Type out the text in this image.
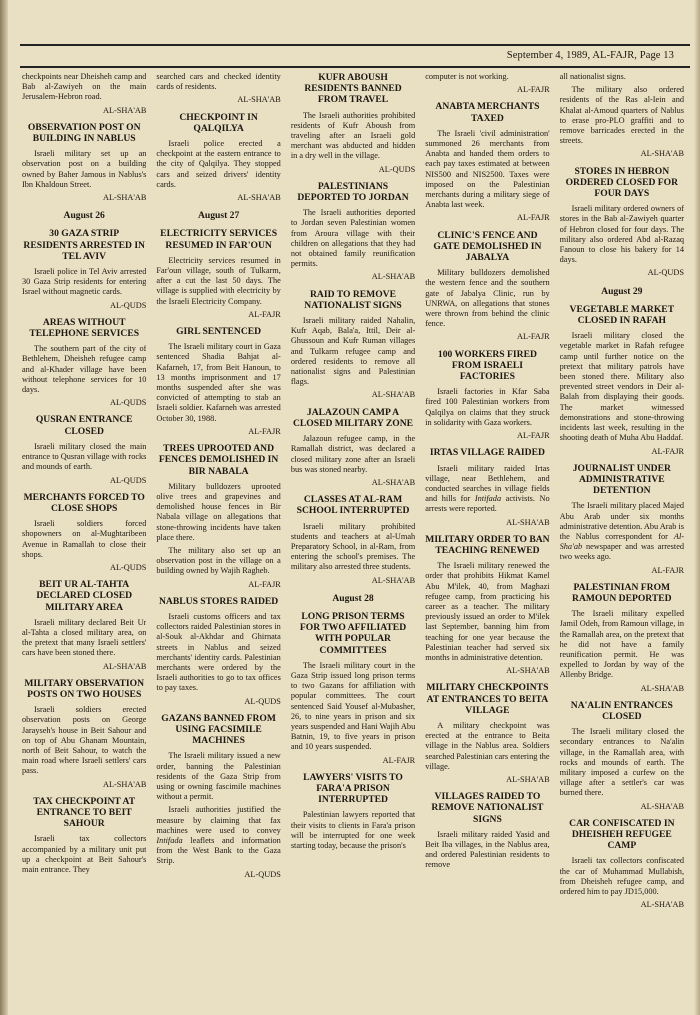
September 4, 1989, AL-FAJR, Page 13

checkpoints near Dheisheh camp and Bab al-Zawiyeh on the main Jerusalem-Hebron road.

AL-SHA'AB
OBSERVATION POST ON BUILDING IN NABLUS

Israeli military set up an observation post on a building owned by Baher Jamous in Nablus's Ibn Khaldoun Street.

AL-SHA'AB
August 26
30 GAZA STRIP RESIDENTS ARRESTED IN TEL AVIV

Israeli police in Tel Aviv arrested 30 Gaza Strip residents for entering Israel without magnetic cards.

AL-QUDS
AREAS WITHOUT TELEPHONE SERVICES

The southern part of the city of Bethlehem, Dheisheh refugee camp and al-Khader village have been without telephone services for 10 days.

AL-QUDS
QUSRAN ENTRANCE CLOSED

Israeli military closed the main entrance to Qusran village with rocks and mounds of earth.

AL-QUDS
MERCHANTS FORCED TO CLOSE SHOPS

Israeli soldiers forced shopowners on al-Mughtaribeen Avenue in Ramallah to close their shops.

AL-QUDS
BEIT UR AL-TAHTA DECLARED CLOSED MILITARY AREA

Israeli military declared Beit Ur al-Tahta a closed military area, on the pretext that many Israeli settlers' cars have been stoned there.

AL-SHA'AB
MILITARY OBSERVATION POSTS ON TWO HOUSES

Israeli soldiers erected observation posts on George Jarayseh's house in Beit Sahour and on top of Abu Ghanam Mountain, north of Beit Sahour, to watch the main road where Israeli settlers' cars pass.

AL-SHA'AB
TAX CHECKPOINT AT ENTRANCE TO BEIT SAHOUR

Israeli tax collectors accompanied by a military unit put up a checkpoint at Beit Sahour's main entrance. They

searched cars and checked identity cards of residents.

AL-SHA'AB
CHECKPOINT IN QALQILYA

Israeli police erected a checkpoint at the eastern entrance to the city of Qalqilya. They stopped cars and seized drivers' identity cards.

AL-SHA'AB
August 27
ELECTRICITY SERVICES RESUMED IN FAR'OUN

Electricity services resumed in Far'oun village, south of Tulkarm, after a cut the last 50 days. The village is supplied with electricity by the Israeli Electricity Company.

AL-FAJR
GIRL SENTENCED

The Israeli military court in Gaza sentenced Shadia Bahjat al-Kafarneh, 17, from Beit Hanoun, to 13 months imprisonment and 17 months suspended after she was convicted of attempting to stab an Israeli soldier. Kafarneh was arrested October 30, 1988.

AL-FAJR
TREES UPROOTED AND FENCES DEMOLISHED IN BIR NABALA

Military bulldozers uprooted olive trees and grapevines and demolished house fences in Bir Nabala village on allegations that stone-throwing incidents have taken place there.

The military also set up an observation post in the village on a building owned by Wajih Ragheb.

AL-FAJR
NABLUS STORES RAIDED

Israeli customs officers and tax collectors raided Palestinian stores in al-Souk al-Akhdar and Ghirnata streets in Nablus and seized merchants' identity cards. Palestinian merchants were ordered by the Israeli authorities to go to tax offices to pay taxes.

AL-QUDS
GAZANS BANNED FROM USING FACSIMILE MACHINES

The Israeli military issued a new order, banning the Palestinian residents of the Gaza Strip from using or owning fascimile machines without a permit.

Israeli authorities justified the measure by claiming that fax machines were used to convey Intifada leaflets and information from the West Bank to the Gaza Strip.

AL-QUDS
KUFR ABOUSH RESIDENTS BANNED FROM TRAVEL

The Israeli authorities prohibited residents of Kufr Aboush from traveling after an Israeli gold merchant was abducted and hidden in a dry well in the village.

AL-QUDS
PALESTINIANS DEPORTED TO JORDAN

The Israeli authorities deported to Jordan seven Palestinian women from Aroura village with their children on allegations that they had not obtained family reunification permits.

AL-SHA'AB
RAID TO REMOVE NATIONALIST SIGNS

Israeli military raided Nahalin, Kufr Aqab, Bala'a, Ittil, Deir al-Ghussoun and Kufr Ruman villages and Tulkarm refugee camp and ordered residents to remove all nationalist signs and Palestinian flags.

AL-SHA'AB
JALAZOUN CAMP A CLOSED MILITARY ZONE

Jalazoun refugee camp, in the Ramallah district, was declared a closed military zone after an Israeli bus was stoned nearby.

AL-SHA'AB
CLASSES AT AL-RAM SCHOOL INTERRUPTED

Israeli military prohibited students and teachers at al-Umah Preparatory School, in al-Ram, from entering the school's premises. The military also arrested three students.

AL-SHA'AB
August 28
LONG PRISON TERMS FOR TWO AFFILIATED WITH POPULAR COMMITTEES

The Israeli military court in the Gaza Strip issued long prison terms to two Gazans for affiliation with popular committees. The court sentenced Said Yousef al-Mubasher, 26, to nine years in prison and six years suspended and Hani Wajih Abu Batnin, 19, to five years in prison and 10 years suspended.

AL-FAJR
LAWYERS' VISITS TO FARA'A PRISON INTERRUPTED

Palestinian lawyers reported that their visits to clients in Fara'a prison will be interrupted for one week starting today, because the prison's

computer is not working.

AL-FAJR
ANABTA MERCHANTS TAXED

The Israeli 'civil administration' summoned 26 merchants from Anabta and handed them orders to each pay taxes estimated at between NIS500 and NIS2500. Taxes were imposed on the Palestinian merchants during a military siege of Anabta last week.

AL-FAJR
CLINIC'S FENCE AND GATE DEMOLISHED IN JABALYA

Military bulldozers demolished the western fence and the southern gate of Jabalya Clinic, run by UNRWA, on allegations that stones were thrown from behind the clinic fence.

AL-FAJR
100 WORKERS FIRED FROM ISRAELI FACTORIES

Israeli factories in Kfar Saba fired 100 Palestinian workers from Qalqilya on claims that they struck in solidarity with Gaza workers.

AL-FAJR
IRTAS VILLAGE RAIDED

Israeli military raided Irtas village, near Bethlehem, and conducted searches in village fields and hills for Intifada activists. No arrests were reported.

AL-SHA'AB
MILITARY ORDER TO BAN TEACHING RENEWED

The Israeli military renewed the order that prohibits Hikmat Kamel Abu M'ilek, 40, from Maghazi refugee camp, from practicing his career as a teacher. The military previously issued an order to M'ilek last September, banning him from teaching for one year because the Palestinian teacher had served six months in administrative detention.

AL-SHA'AB
MILITARY CHECKPOINTS AT ENTRANCES TO BEITA VILLAGE

A military checkpoint was erected at the entrance to Beita village in the Nablus area. Soldiers searched Palestinian cars entering the village.

AL-SHA'AB
VILLAGES RAIDED TO REMOVE NATIONALIST SIGNS

Israeli military raided Yasid and Beit Iba villages, in the Nablus area, and ordered Palestinian residents to remove

all nationalist signs.

The military also ordered residents of the Ras al-Iein and Khalat al-Amoud quarters of Nablus to erase pro-PLO graffiti and to remove barricades erected in the streets.

AL-SHA'AB
STORES IN HEBRON ORDERED CLOSED FOR FOUR DAYS

Israeli military ordered owners of stores in the Bab al-Zawiyeh quarter of Hebron closed for four days. The military also ordered Abd al-Razaq Fanoun to close his bakery for 14 days.

AL-QUDS
August 29
VEGETABLE MARKET CLOSED IN RAFAH

Israeli military closed the vegetable market in Rafah refugee camp until further notice on the pretext that military patrols have been stoned there. Military also prevented street vendors in Deir al-Balah from displaying their goods. The market witnessed demonstrations and stone-throwing incidents last week, resulting in the shooting death of Muha Abu Haddaf.

AL-FAJR
JOURNALIST UNDER ADMINISTRATIVE DETENTION

The Israeli military placed Majed Abu Arab under six months administrative detention. Abu Arab is the Nablus correspondent for Al-Sha'ab newspaper and was arrested two weeks ago.

AL-FAJR
PALESTINIAN FROM RAMOUN DEPORTED

The Israeli military expelled Jamil Odeh, from Ramoun village, in the Ramallah area, on the pretext that he did not have a family reunification permit. He was expelled to Jordan by way of the Allenby Bridge.

AL-SHA'AB
NA'ALIN ENTRANCES CLOSED

The Israeli military closed the secondary entrances to Na'alin village, in the Ramallah area, with rocks and mounds of earth. The military imposed a curfew on the village after a settler's car was burned there.

AL-SHA'AB
CAR CONFISCATED IN DHEISHEH REFUGEE CAMP

Israeli tax collectors confiscated the car of Muhammad Mullabish, from Dheisheh refugee camp, and ordered him to pay JD15,000.

AL-SHA'AB
